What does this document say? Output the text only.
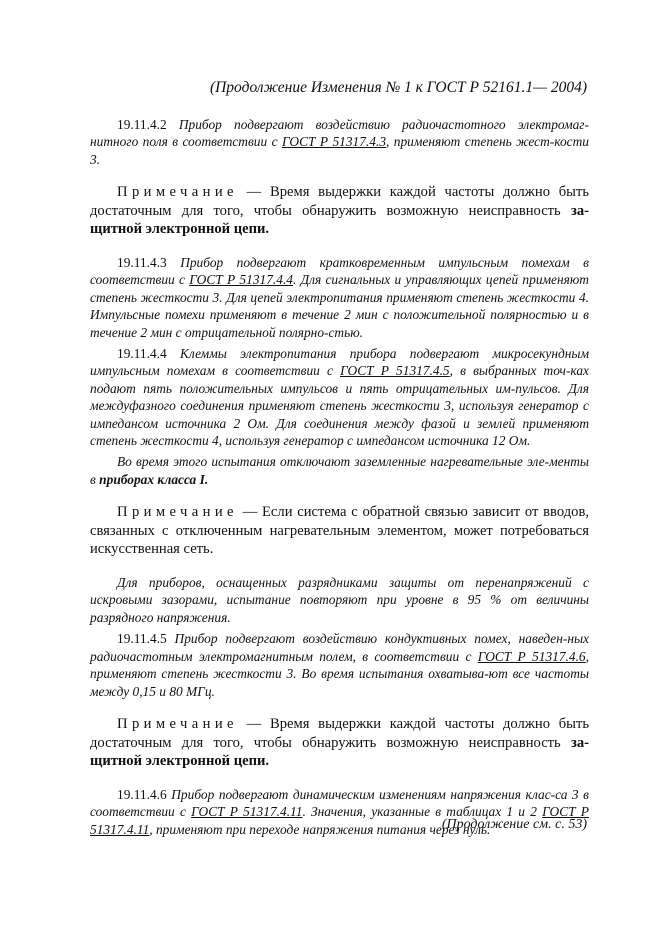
(Продолжение Изменения № 1 к ГОСТ Р 52161.1— 2004)

19.11.4.2 Прибор подвергают воздействию радиочастотного электромаг-нитного поля в соответствии с ГОСТ Р 51317.4.3, применяют степень жест-кости 3.

Примечание — Время выдержки каждой частоты должно быть достаточным для того, чтобы обнаружить возможную неисправность за-щитной электронной цепи.

19.11.4.3 Прибор подвергают кратковременным импульсным помехам в соответствии с ГОСТ Р 51317.4.4. Для сигнальных и управляющих цепей применяют степень жесткости 3. Для цепей электропитания применяют степень жесткости 4. Импульсные помехи применяют в течение 2 мин с положительной полярностью и в течение 2 мин с отрицательной полярно-стью.

19.11.4.4 Клеммы электропитания прибора подвергают микросекундным импульсным помехам в соответствии с ГОСТ Р 51317.4.5, в выбранных точ-ках подают пять положительных импульсов и пять отрицательных им-пульсов. Для междуфазного соединения применяют степень жесткости 3, используя генератор с импедансом источника 2 Ом. Для соединения между фазой и землей применяют степень жесткости 4, используя генератор с импедансом источника 12 Ом.

Во время этого испытания отключают заземленные нагревательные эле-менты в приборах класса I.

Примечание — Если система с обратной связью зависит от вводов, связанных с отключенным нагревательным элементом, может потребоваться искусственная сеть.

Для приборов, оснащенных разрядниками защиты от перенапряжений с искровыми зазорами, испытание повторяют при уровне в 95 % от величины разрядного напряжения.

19.11.4.5 Прибор подвергают воздействию кондуктивных помех, наведен-ных радиочастотным электромагнитным полем, в соответствии с ГОСТ Р 51317.4.6, применяют степень жесткости 3. Во время испытания охватыва-ют все частоты между 0,15 и 80 МГц.

Примечание — Время выдержки каждой частоты должно быть достаточным для того, чтобы обнаружить возможную неисправность за-щитной электронной цепи.

19.11.4.6 Прибор подвергают динамическим изменениям напряжения клас-са 3 в соответствии с ГОСТ Р 51317.4.11. Значения, указанные в таблицах 1 и 2 ГОСТ Р 51317.4.11, применяют при переходе напряжения питания через нуль.

(Продолжение см. с. 53)
